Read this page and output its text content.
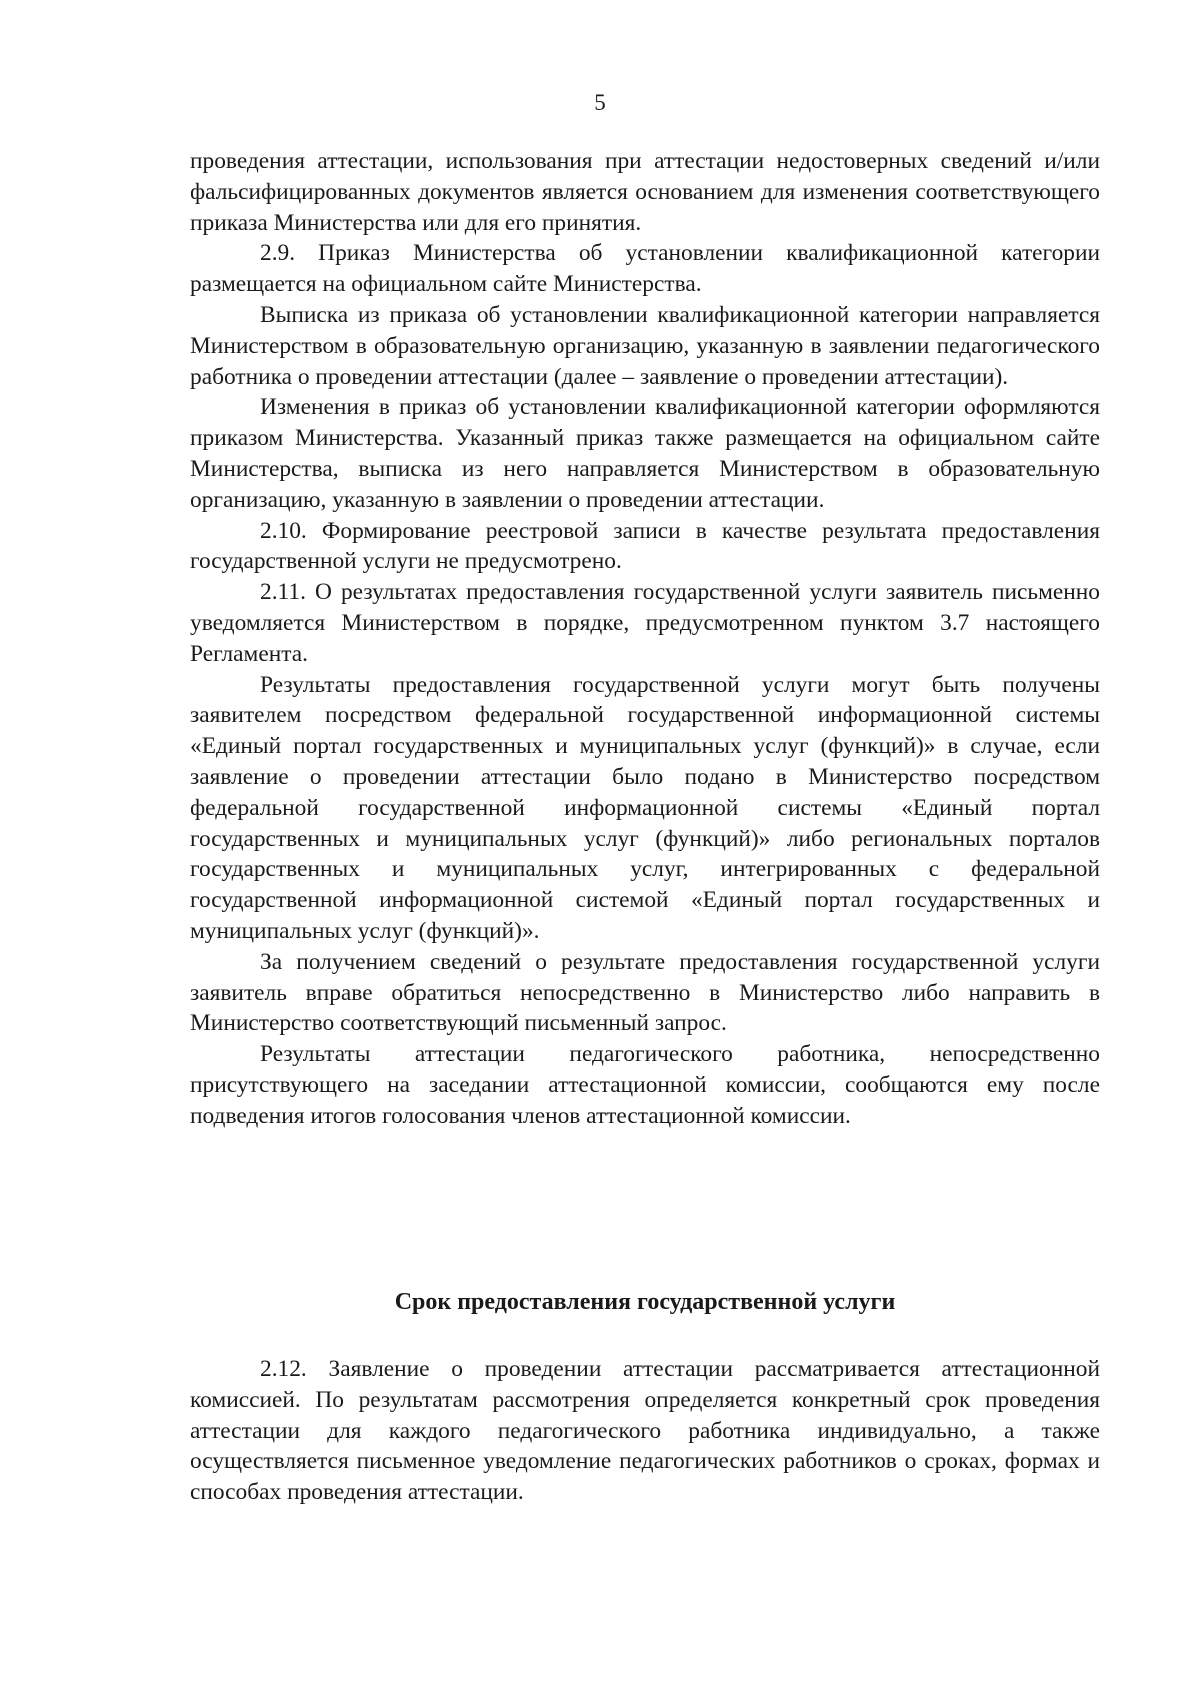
5

проведения аттестации, использования при аттестации недостоверных сведений и/или фальсифицированных документов является основанием для изменения соответствующего приказа Министерства или для его принятия.

2.9. Приказ Министерства об установлении квалификационной категории размещается на официальном сайте Министерства.

Выписка из приказа об установлении квалификационной категории направляется Министерством в образовательную организацию, указанную в заявлении педагогического работника о проведении аттестации (далее – заявление о проведении аттестации).

Изменения в приказ об установлении квалификационной категории оформляются приказом Министерства. Указанный приказ также размещается на официальном сайте Министерства, выписка из него направляется Министерством в образовательную организацию, указанную в заявлении о проведении аттестации.

2.10. Формирование реестровой записи в качестве результата предоставления государственной услуги не предусмотрено.

2.11. О результатах предоставления государственной услуги заявитель письменно уведомляется Министерством в порядке, предусмотренном пунктом 3.7 настоящего Регламента.

Результаты предоставления государственной услуги могут быть получены заявителем посредством федеральной государственной информационной системы «Единый портал государственных и муниципальных услуг (функций)» в случае, если заявление о проведении аттестации было подано в Министерство посредством федеральной государственной информационной системы «Единый портал государственных и муниципальных услуг (функций)» либо региональных порталов государственных и муниципальных услуг, интегрированных с федеральной государственной информационной системой «Единый портал государственных и муниципальных услуг (функций)».

За получением сведений о результате предоставления государственной услуги заявитель вправе обратиться непосредственно в Министерство либо направить в Министерство соответствующий письменный запрос.

Результаты аттестации педагогического работника, непосредственно присутствующего на заседании аттестационной комиссии, сообщаются ему после подведения итогов голосования членов аттестационной комиссии.

Срок предоставления государственной услуги

2.12. Заявление о проведении аттестации рассматривается аттестационной комиссией. По результатам рассмотрения определяется конкретный срок проведения аттестации для каждого педагогического работника индивидуально, а также осуществляется письменное уведомление педагогических работников о сроках, формах и способах проведения аттестации.
